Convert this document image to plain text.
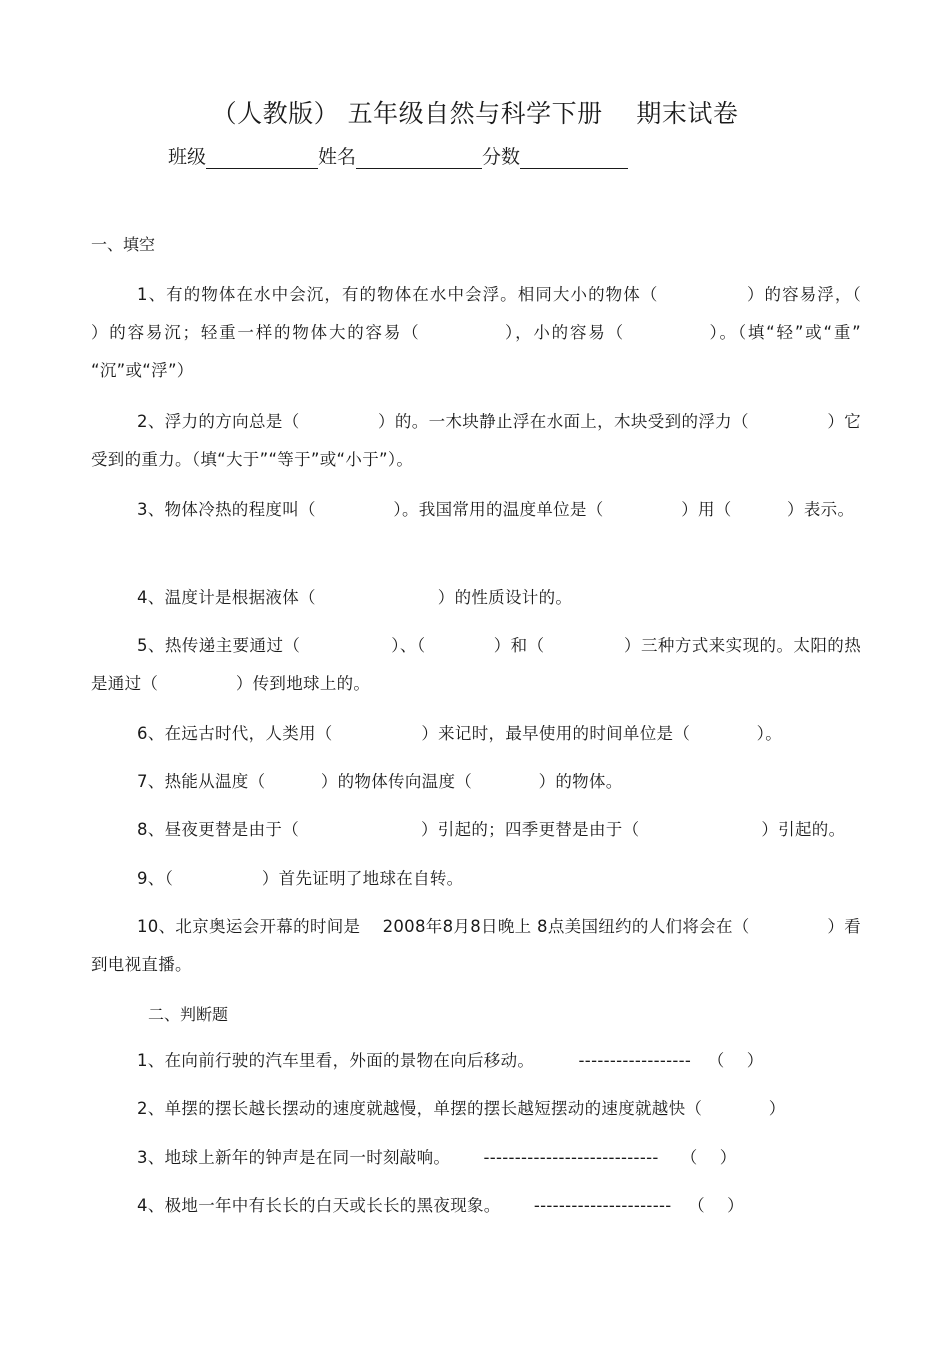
（人教版） 五年级自然与科学下册    期末试卷
班级	姓名	分数
一、填空
1、有的物体在水中会沉，有的物体在水中会浮。相同大小的物体（              ）的容易浮，（          ）的容易沉；轻重一样的物体大的容易（            ），小的容易（            ）。（填“轻”或“重”   “沉”或“浮”）
2、浮力的方向总是（              ）的。一木块静止浮在水面上，木块受到的浮力（              ）它受到的重力。（填“大于”“等于”或“小于”）。
3、物体冷热的程度叫（              ）。我国常用的温度单位是（              ）用（          ）表示。
4、温度计是根据液体（                      ）的性质设计的。
5、热传递主要通过（                ）、（            ）和（              ）三种方式来实现的。太阳的热是通过（              ）传到地球上的。
6、在远古时代，人类用（                ）来记时，最早使用的时间单位是（            ）。
7、热能从温度（          ）的物体传向温度（            ）的物体。
8、昼夜更替是由于（                      ）引起的；四季更替是由于（                      ）引起的。
9、（                ）首先证明了地球在自转。
10、北京奥运会开幕的时间是    2008年8月8日晚上 8点美国纽约的人们将会在（              ）看到电视直播。
二、判断题
1、在向前行驶的汽车里看，外面的景物在向后移动。        ------------------   （    ）
2、单摆的摆长越长摆动的速度就越慢，单摆的摆长越短摆动的速度就越快（            ）
3、地球上新年的钟声是在同一时刻敲响。      ----------------------------    （    ）
4、极地一年中有长长的白天或长长的黑夜现象。      ----------------------   （    ）
